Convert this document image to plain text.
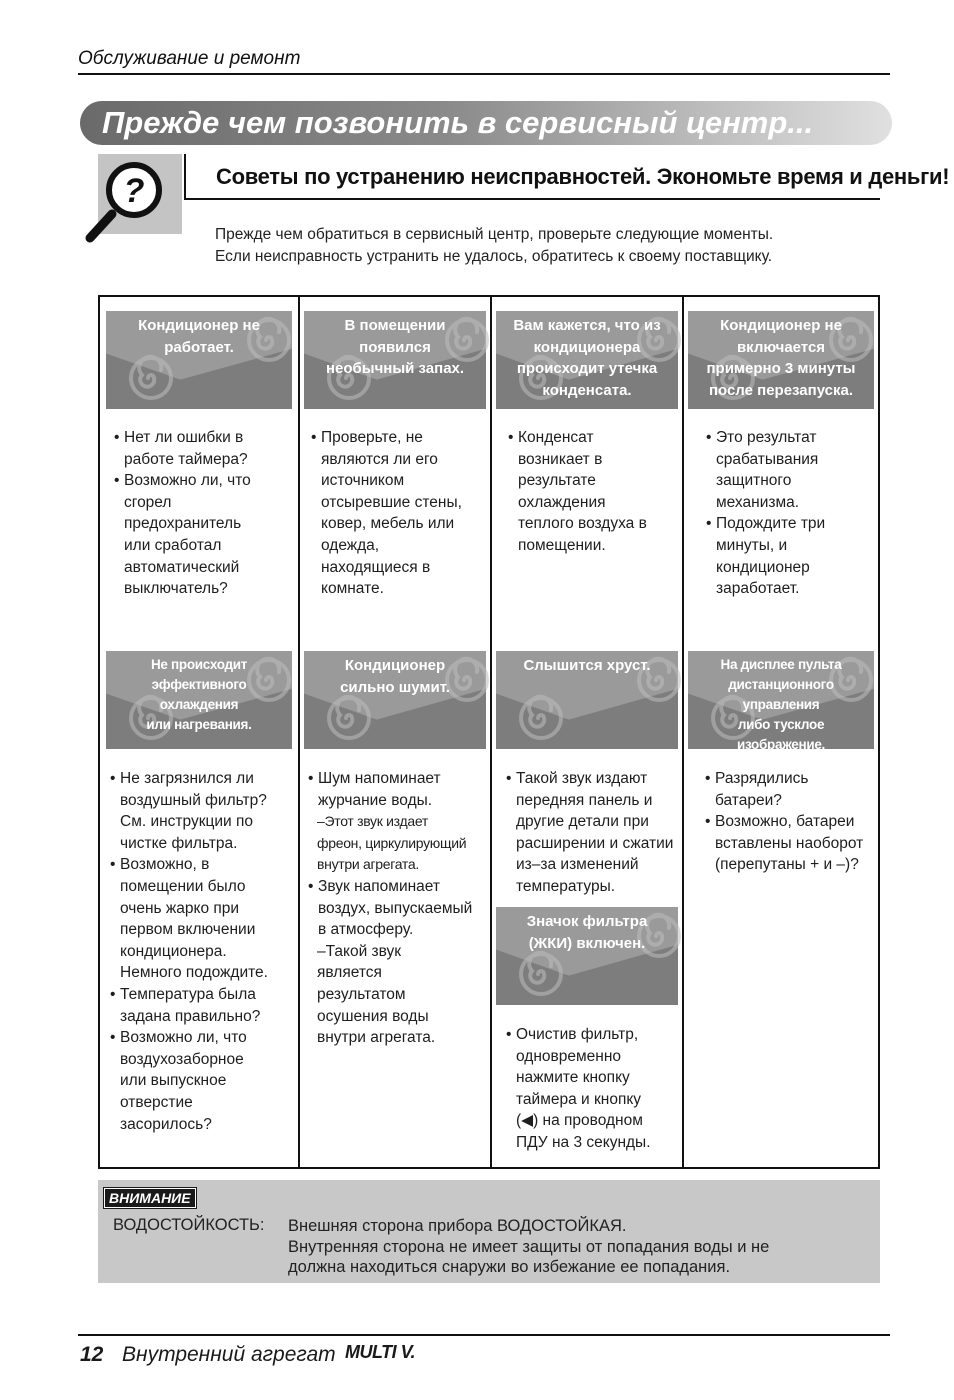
Обслуживание и ремонт
Прежде чем позвонить в сервисный центр...
?	Советы по устранению неисправностей. Экономьте время и деньги!
Прежде чем обратиться в сервисный центр, проверьте следующие моменты.
Если неисправность устранить не удалось, обратитесь к своему поставщику.
Кондиционер не
работает.
• Нет ли ошибки в
работе таймера?
• Возможно ли, что
сгорел
предохранитель
или сработал
автоматический
выключатель?
В помещении
появился
необычный запах.
• Проверьте, не
являются ли его
источником
отсыревшие стены,
ковер, мебель или
одежда,
находящиеся в
комнате.
Вам кажется, что из
кондиционера
происходит утечка
конденсата.
• Конденсат
возникает в
результате
охлаждения
теплого воздуха в
помещении.
Кондиционер не
включается
примерно 3 минуты
после перезапуска.
• Это результат
срабатывания
защитного
механизма.
• Подождите три
минуты, и
кондиционер
заработает.
Не происходит
эффективного охлаждения
или нагревания.
• Не загрязнился ли
воздушный фильтр?
См. инструкции по
чистке фильтра.
• Возможно, в
помещении было
очень жарко при
первом включении
кондиционера.
Немного подождите.
• Температура была
задана правильно?
• Возможно ли, что
воздухозаборное
или выпускное
отверстие
засорилось?
Кондиционер
сильно шумит.
• Шум напоминает
журчание воды.
–Этот звук издает
фреон, циркулирующий
внутри агрегата.
• Звук напоминает
воздух, выпускаемый
в атмосферу.
–Такой звук
является
результатом
осушения воды
внутри агрегата.
Слышится хруст.
• Такой звук издают
передняя панель и
другие детали при
расширении и сжатии
из–за изменений
температуры.
На дисплее пульта
дистанционного управления
либо тусклое изображение,
либо вообще ничего нет.
• Разрядились
батареи?
• Возможно, батареи
вставлены наоборот
(перепутаны + и –)?
Значок фильтра
(ЖКИ) включен.
• Очистив фильтр,
одновременно
нажмите кнопку
таймера и кнопку
(◀) на проводном
ПДУ на 3 секунды.
ВНИМАНИЕ
ВОДОСТОЙКОСТЬ: Внешняя сторона прибора ВОДОСТОЙКАЯ.
Внутренняя сторона не имеет защиты от попадания воды и не
должна находиться снаружи во избежание ее попадания.
12 Внутренний агрегат MULTI V.
